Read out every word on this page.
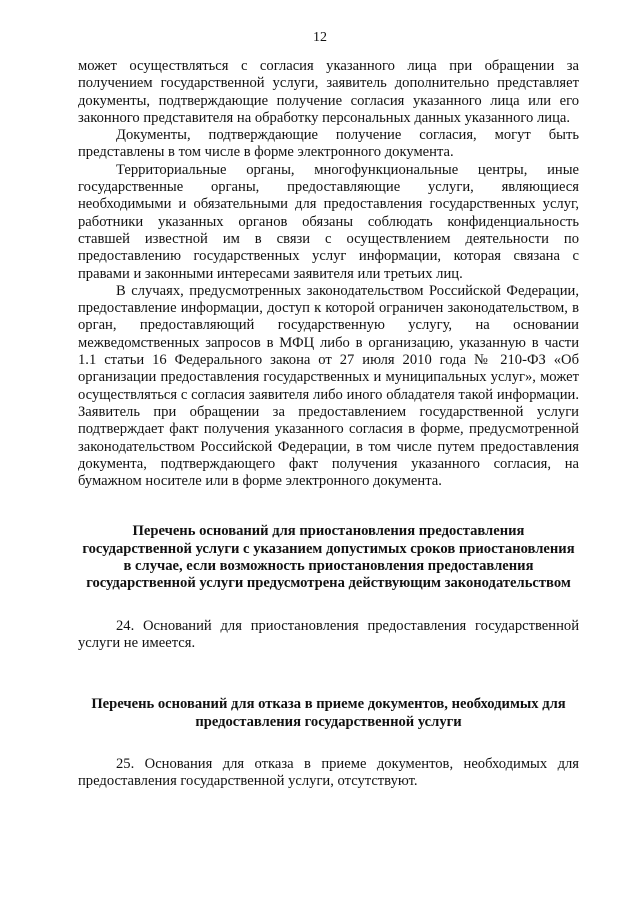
12

может осуществляться с согласия указанного лица при обращении за получением государственной услуги, заявитель дополнительно представляет документы, подтверждающие получение согласия указанного лица или его законного представителя на обработку персональных данных указанного лица.

Документы, подтверждающие получение согласия, могут быть представлены в том числе в форме электронного документа.

Территориальные органы, многофункциональные центры, иные государственные органы, предоставляющие услуги, являющиеся необходимыми и обязательными для предоставления государственных услуг, работники указанных органов обязаны соблюдать конфиденциальность ставшей известной им в связи с осуществлением деятельности по предоставлению государственных услуг информации, которая связана с правами и законными интересами заявителя или третьих лиц.

В случаях, предусмотренных законодательством Российской Федерации, предоставление информации, доступ к которой ограничен законодательством, в орган, предоставляющий государственную услугу, на основании межведомственных запросов в МФЦ либо в организацию, указанную в части 1.1 статьи 16 Федерального закона от 27 июля 2010 года № 210-ФЗ «Об организации предоставления государственных и муниципальных услуг», может осуществляться с согласия заявителя либо иного обладателя такой информации. Заявитель при обращении за предоставлением государственной услуги подтверждает факт получения указанного согласия в форме, предусмотренной законодательством Российской Федерации, в том числе путем предоставления документа, подтверждающего факт получения указанного согласия, на бумажном носителе или в форме электронного документа.

Перечень оснований для приостановления предоставления государственной услуги с указанием допустимых сроков приостановления в случае, если возможность приостановления предоставления государственной услуги предусмотрена действующим законодательством

24. Оснований для приостановления предоставления государственной услуги не имеется.

Перечень оснований для отказа в приеме документов, необходимых для предоставления государственной услуги

25. Основания для отказа в приеме документов, необходимых для предоставления государственной услуги, отсутствуют.
